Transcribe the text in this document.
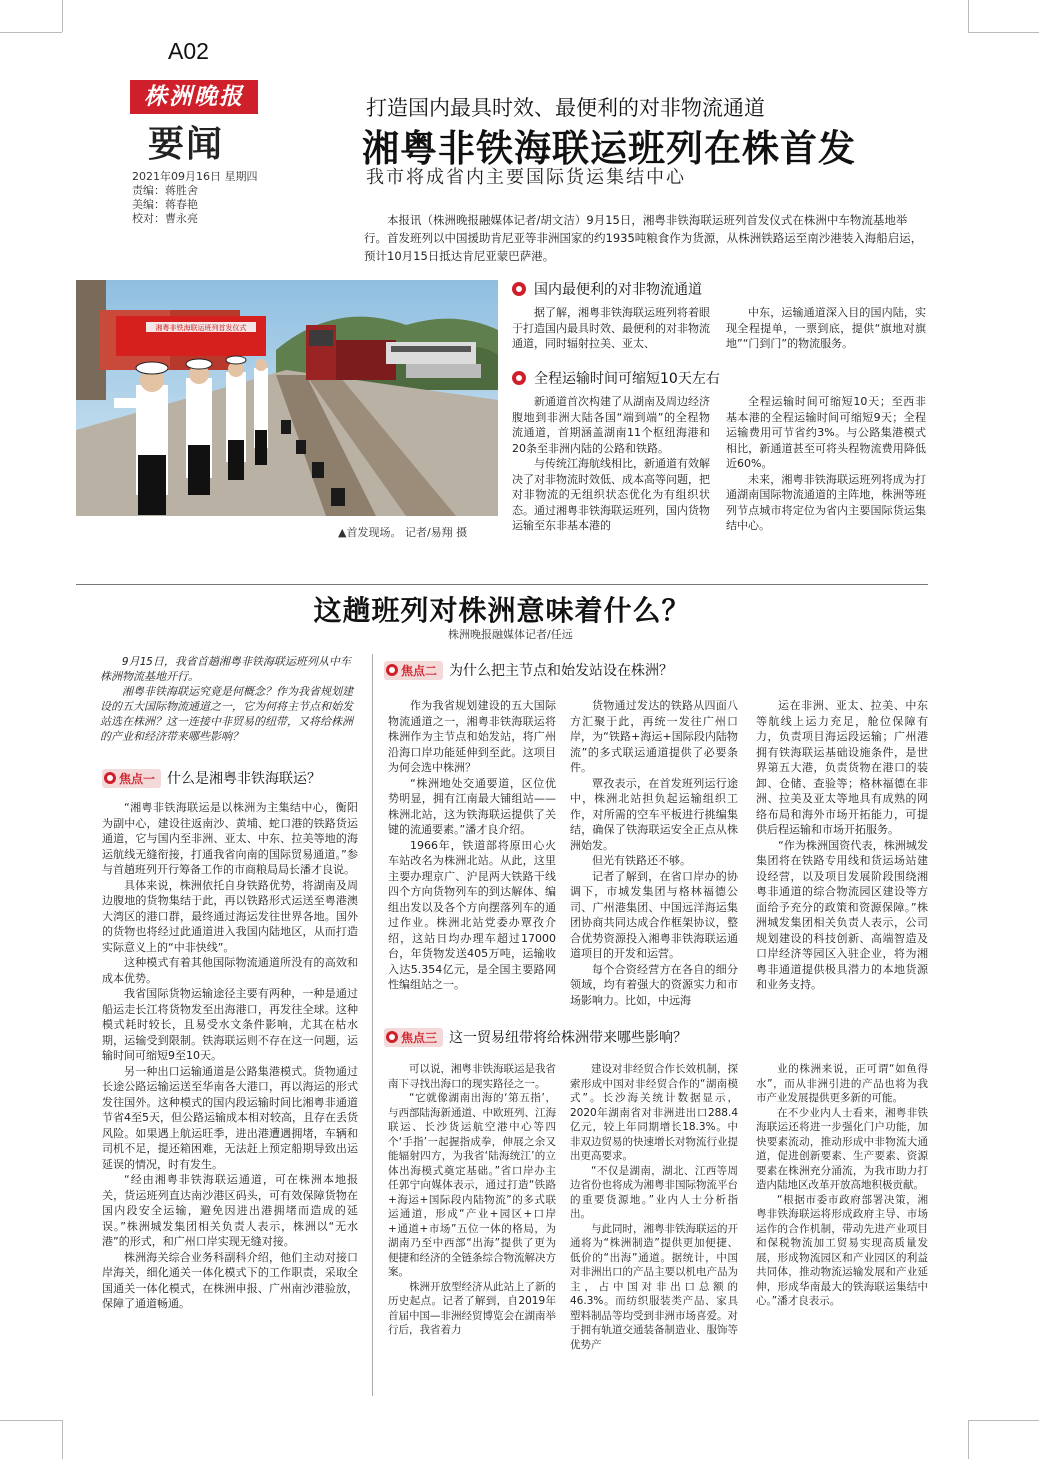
A02
株洲晚报
要闻
2021年09月16日 星期四
责编：蒋胜舍
美编：蒋春艳
校对：曹永亮
打造国内最具时效、最便利的对非物流通道
湘粤非铁海联运班列在株首发
我市将成省内主要国际货运集结中心
本报讯（株洲晚报融媒体记者/胡文洁）9月15日，湘粤非铁海联运班列首发仪式在株洲中车物流基地举行。首发班列以中国援助肯尼亚等非洲国家的约1935吨粮食作为货源，从株洲铁路运至南沙港装入海船启运，预计10月15日抵达肯尼亚蒙巴萨港。
湘粤非铁海联运班列首发仪式
▲首发现场。 记者/易翔 摄
国内最便利的对非物流通道

据了解，湘粤非铁海联运班列将着眼于打造国内最具时效、最便利的对非物流通道，同时辐射拉美、亚太、

中东，运输通道深入目的国内陆，实现全程提单，一票到底，提供“旗地对旗地”“门到门”的物流服务。

全程运输时间可缩短10天左右

新通道首次构建了从湖南及周边经济腹地到非洲大陆各国“端到端”的全程物流通道，首期涵盖湖南11个枢纽海港和20条至非洲内陆的公路和铁路。

与传统江海航线相比，新通道有效解决了对非物流时效低、成本高等问题，把对非物流的无组织状态优化为有组织状态。通过湘粤非铁海联运班列，国内货物运输至东非基本港的

全程运输时间可缩短10天；至西非基本港的全程运输时间可缩短9天；全程运输费用可节省约3%。与公路集港模式相比，新通道甚至可将头程物流费用降低近60%。

未来，湘粤非铁海联运班列将成为打通湖南国际物流通道的主阵地，株洲等班列节点城市将定位为省内主要国际货运集结中心。

这趟班列对株洲意味着什么？
株洲晚报融媒体记者/任远

9月15日，我省首趟湘粤非铁海联运班列从中车株洲物流基地开行。

湘粤非铁海联运究竟是何概念？作为我省规划建设的五大国际物流通道之一，它为何将主节点和始发站选在株洲？这一连接中非贸易的纽带，又将给株洲的产业和经济带来哪些影响？

焦点一 什么是湘粤非铁海联运？

“湘粤非铁海联运是以株洲为主集结中心，衡阳为副中心，建设往返南沙、黄埔、蛇口港的铁路货运通道，它与国内至非洲、亚太、中东、拉美等地的海运航线无缝衔接，打通我省向南的国际贸易通道。”参与首趟班列开行筹备工作的市商粮局局长潘才良说。

具体来说，株洲依托自身铁路优势，将湖南及周边腹地的货物集结于此，再以铁路形式运送至粤港澳大湾区的港口群，最终通过海运发往世界各地。国外的货物也将经过此通道进入我国内陆地区，从而打造实际意义上的“中非快线”。

这种模式有着其他国际物流通道所没有的高效和成本优势。

我省国际货物运输途径主要有两种，一种是通过船运走长江将货物发至出海港口，再发往全球。这种模式耗时较长，且易受水文条件影响，尤其在枯水期，运输受到限制。铁海联运则不存在这一问题，运输时间可缩短9至10天。

另一种出口运输通道是公路集港模式。货物通过长途公路运输运送至华南各大港口，再以海运的形式发往国外。这种模式的国内段运输时间比湘粤非通道节省4至5天，但公路运输成本相对较高，且存在丢货风险。如果遇上航运旺季，进出港遭遇拥堵，车辆和司机不足，提还箱困难，无法赶上预定船期导致出运延误的情况，时有发生。

“经由湘粤非铁海联运通道，可在株洲本地报关，货运班列直达南沙港区码头，可有效保障货物在国内段安全运输，避免因进出港拥堵而造成的延误。”株洲城发集团相关负责人表示，株洲以“无水港”的形式，和广州口岸实现无缝对接。

株洲海关综合业务科副科介绍，他们主动对接口岸海关，细化通关一体化模式下的工作职责，采取全国通关一体化模式，在株洲申报、广州南沙港验放，保障了通道畅通。

焦点二 为什么把主节点和始发站设在株洲？

作为我省规划建设的五大国际物流通道之一，湘粤非铁海联运将株洲作为主节点和始发站，将广州沿海口岸功能延伸到至此。这项目为何会选中株洲？

“株洲地处交通要道，区位优势明显，拥有江南最大铺组站——株洲北站，这为铁海联运提供了关键的流通要素。”潘才良介绍。

1966年，铁道部将原田心火车站改名为株洲北站。从此，这里主要办理京广、沪昆两大铁路干线四个方向货物列车的到达解体、编组出发以及各个方向摆落列车的通过作业。株洲北站党委办覃孜介绍，这站日均办理车超过17000台，年货物发送405万吨，运输收入达5.354亿元，是全国主要路网性编组站之一。

货物通过发达的铁路从四面八方汇聚于此，再统一发往广州口岸，为“铁路+海运+国际段内陆物流”的多式联运通道提供了必要条件。

覃孜表示，在首发班列运行途中，株洲北站担负起运输组织工作，对所需的空车平板进行挑编集结，确保了铁海联运安全正点从株洲始发。

但光有铁路还不够。

记者了解到，在省口岸办的协调下，市城发集团与格林福德公司、广州港集团、中国远洋海运集团协商共同达成合作框架协议，整合优势资源投入湘粤非铁海联运通道项目的开发和运营。

每个合资经营方在各自的细分领域，均有着强大的资源实力和市场影响力。比如，中远海

运在非洲、亚太、拉美、中东等航线上运力充足，舱位保障有力，负责项目海运段运输；广州港拥有铁海联运基础设施条件，是世界第五大港，负责货物在港口的装卸、仓储、查验等；格林福德在非洲、拉美及亚太等地具有成熟的网络布局和海外市场开拓能力，可提供后程运输和市场开拓服务。

“作为株洲国资代表，株洲城发集团将在铁路专用线和货运场站建设经营，以及项目发展阶段围绕湘粤非通道的综合物流园区建设等方面给予充分的政策和资源保障。”株洲城发集团相关负责人表示，公司规划建设的科技创新、高端智造及口岸经济等园区入驻企业，将为湘粤非通道提供极具潜力的本地货源和业务支持。

焦点三 这一贸易纽带将给株洲带来哪些影响？

可以说，湘粤非铁海联运是我省南下寻找出海口的现实路径之一。

“它就像湖南出海的‘第五指’，与西部陆海新通道、中欧班列、江海联运、长沙货运航空港中心等四个‘手指’一起握指成拳，伸展之余又能辐射四方，为我省‘陆海统江’的立体出海模式奠定基础。”省口岸办主任郭宁向媒体表示，通过打造“铁路+海运+国际段内陆物流”的多式联运通道，形成“产业+园区+口岸+通道+市场”五位一体的格局，为湖南乃至中西部“出海”提供了更为便捷和经济的全链条综合物流解决方案。

株洲开放型经济从此站上了新的历史起点。记者了解到，自2019年首届中国—非洲经贸博览会在湖南举行后，我省着力

建设对非经贸合作长效机制，探索形成中国对非经贸合作的“湖南模式”。长沙海关统计数据显示，2020年湖南省对非洲进出口288.4亿元，较上年同期增长18.3%。中非双边贸易的快速增长对物流行业提出更高要求。

“不仅是湖南，湖北、江西等周边省份也将成为湘粤非国际物流平台的重要货源地。”业内人士分析指出。

与此同时，湘粤非铁海联运的开通将为“株洲制造”提供更加便捷、低价的“出海”通道。据统计，中国对非洲出口的产品主要以机电产品为主，占中国对非出口总额的46.3%。而纺织服装类产品、家具塑料制品等均受到非洲市场喜爱。对于拥有轨道交通装备制造业、服饰等优势产

业的株洲来说，正可谓“如鱼得水”，而从非洲引进的产品也将为我市产业发展提供更多新的可能。

在不少业内人士看来，湘粤非铁海联运还将进一步强化门户功能，加快要素流动，推动形成中非物流大通道，促进创新要素、生产要素、资源要素在株洲充分涌流，为我市助力打造内陆地区改革开放高地积极贡献。

“根据市委市政府部署决策，湘粤非铁海联运将形成政府主导、市场运作的合作机制，带动先进产业项目和保税物流加工贸易实现高质量发展，形成物流园区和产业园区的利益共同体，推动物流运输发展和产业延伸，形成华南最大的铁海联运集结中心。”潘才良表示。
